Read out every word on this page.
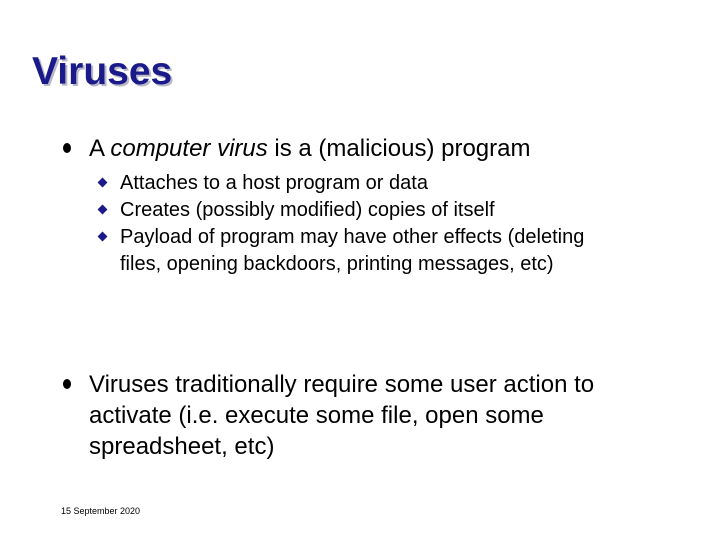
Viruses
A computer virus is a (malicious) program
Attaches to a host program or data
Creates (possibly modified) copies of itself
Payload of program may have other effects (deleting files, opening backdoors, printing messages, etc)
Viruses traditionally require some user action to activate (i.e. execute some file, open some spreadsheet, etc)
15 September 2020
